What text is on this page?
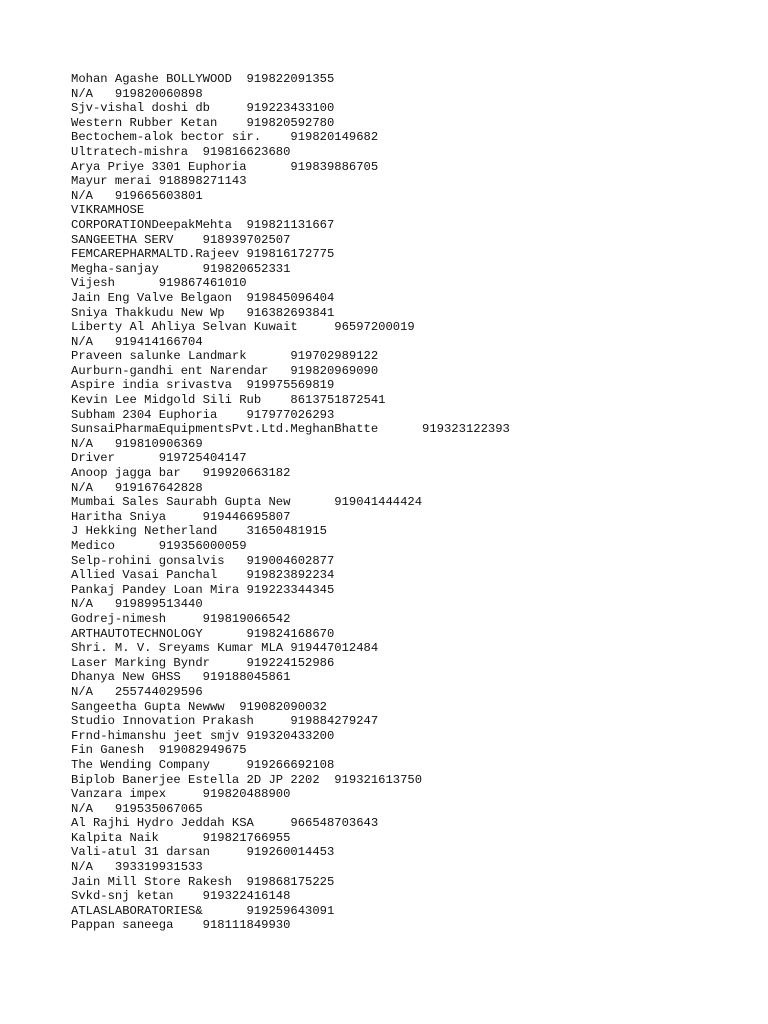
Mohan Agashe BOLLYWOOD  919822091355
N/A   919820060898
Sjv-vishal doshi db     919223433100
Western Rubber Ketan    919820592780
Bectochem-alok bector sir.    919820149682
Ultratech-mishra  919816623680
Arya Priye 3301 Euphoria      919839886705
Mayur merai 918898271143
N/A   919665603801
VIKRAMHOSE
CORPORATIONDeepakMehta  919821131667
SANGEETHA SERV    918939702507
FEMCAREPHARMALTD.Rajeev 919816172775
Megha-sanjay      919820652331
Vijesh      919867461010
Jain Eng Valve Belgaon  919845096404
Sniya Thakkudu New Wp   916382693841
Liberty Al Ahliya Selvan Kuwait     96597200019
N/A   919414166704
Praveen salunke Landmark      919702989122
Aurburn-gandhi ent Narendar   919820969090
Aspire india srivastva  919975569819
Kevin Lee Midgold Sili Rub    8613751872541
Subham 2304 Euphoria    917977026293
SunsaiPharmaEquipmentsPvt.Ltd.MeghanBhatte      919323122393
N/A   919810906369
Driver      919725404147
Anoop jagga bar   919920663182
N/A   919167642828
Mumbai Sales Saurabh Gupta New      919041444424
Haritha Sniya     919446695807
J Hekking Netherland    31650481915
Medico      919356000059
Selp-rohini gonsalvis   919004602877
Allied Vasai Panchal    919823892234
Pankaj Pandey Loan Mira 919223344345
N/A   919899513440
Godrej-nimesh     919819066542
ARTHAUTOTECHNOLOGY      919824168670
Shri. M. V. Sreyams Kumar MLA 919447012484
Laser Marking Byndr     919224152986
Dhanya New GHSS   919188045861
N/A   255744029596
Sangeetha Gupta Newww  919082090032
Studio Innovation Prakash     919884279247
Frnd-himanshu jeet smjv 919320433200
Fin Ganesh  919082949675
The Wending Company     919266692108
Biplob Banerjee Estella 2D JP 2202  919321613750
Vanzara impex     919820488900
N/A   919535067065
Al Rajhi Hydro Jeddah KSA     966548703643
Kalpita Naik      919821766955
Vali-atul 31 darsan     919260014453
N/A   393319931533
Jain Mill Store Rakesh  919868175225
Svkd-snj ketan    919322416148
ATLASLABORATORIES&      919259643091
Pappan saneega    918111849930
